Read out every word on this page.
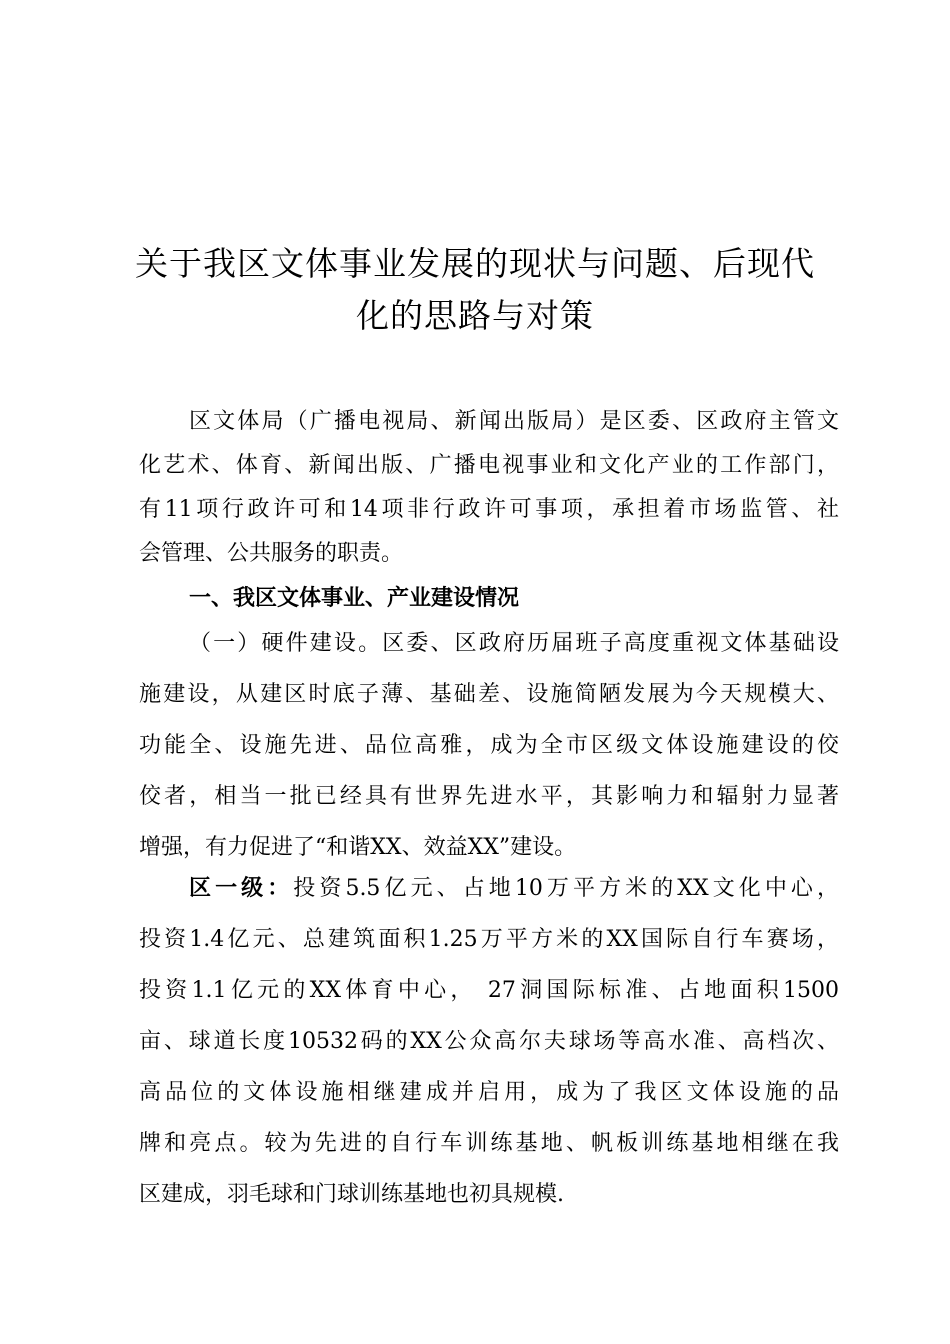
关于我区文体事业发展的现状与问题、后现代
化的思路与对策
区文体局（广播电视局、新闻出版局）是区委、区政府主管文
化艺术、体育、新闻出版、广播电视事业和文化产业的工作部门，
有11项行政许可和14项非行政许可事项，承担着市场监管、社
会管理、公共服务的职责。
一、我区文体事业、产业建设情况
（一）硬件建设。区委、区政府历届班子高度重视文体基础设
施建设，从建区时底子薄、基础差、设施简陋发展为今天规模大、
功能全、设施先进、品位高雅，成为全市区级文体设施建设的佼
佼者，相当一批已经具有世界先进水平，其影响力和辐射力显著
增强，有力促进了“和谐XX、效益XX”建设。
区一级：投资5.5亿元、占地10万平方米的XX文化中心，
投资1.4亿元、总建筑面积1.25万平方米的XX国际自行车赛场，
投资1.1亿元的XX体育中心， 27洞国际标准、占地面积1500
亩、球道长度10532码的XX公众高尔夫球场等高水准、高档次、
高品位的文体设施相继建成并启用，成为了我区文体设施的品
牌和亮点。较为先进的自行车训练基地、帆板训练基地相继在我
区建成，羽毛球和门球训练基地也初具规模.
